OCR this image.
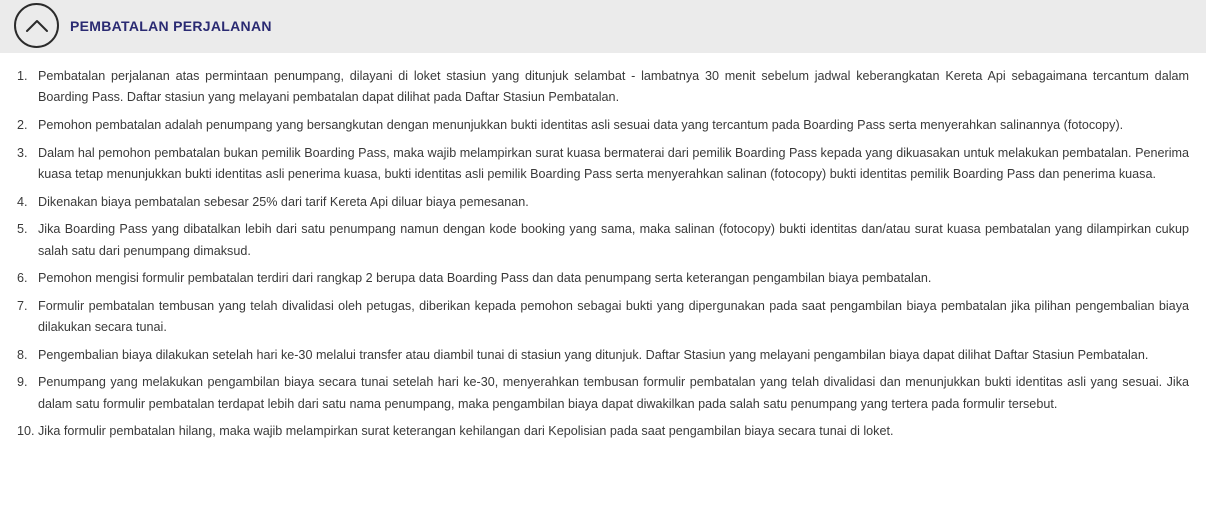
PEMBATALAN PERJALANAN
1. Pembatalan perjalanan atas permintaan penumpang, dilayani di loket stasiun yang ditunjuk selambat - lambatnya 30 menit sebelum jadwal keberangkatan Kereta Api sebagaimana tercantum dalam Boarding Pass. Daftar stasiun yang melayani pembatalan dapat dilihat pada Daftar Stasiun Pembatalan.
2. Pemohon pembatalan adalah penumpang yang bersangkutan dengan menunjukkan bukti identitas asli sesuai data yang tercantum pada Boarding Pass serta menyerahkan salinannya (fotocopy).
3. Dalam hal pemohon pembatalan bukan pemilik Boarding Pass, maka wajib melampirkan surat kuasa bermaterai dari pemilik Boarding Pass kepada yang dikuasakan untuk melakukan pembatalan. Penerima kuasa tetap menunjukkan bukti identitas asli penerima kuasa, bukti identitas asli pemilik Boarding Pass serta menyerahkan salinan (fotocopy) bukti identitas pemilik Boarding Pass dan penerima kuasa.
4. Dikenakan biaya pembatalan sebesar 25% dari tarif Kereta Api diluar biaya pemesanan.
5. Jika Boarding Pass yang dibatalkan lebih dari satu penumpang namun dengan kode booking yang sama, maka salinan (fotocopy) bukti identitas dan/atau surat kuasa pembatalan yang dilampirkan cukup salah satu dari penumpang dimaksud.
6. Pemohon mengisi formulir pembatalan terdiri dari rangkap 2 berupa data Boarding Pass dan data penumpang serta keterangan pengambilan biaya pembatalan.
7. Formulir pembatalan tembusan yang telah divalidasi oleh petugas, diberikan kepada pemohon sebagai bukti yang dipergunakan pada saat pengambilan biaya pembatalan jika pilihan pengembalian biaya dilakukan secara tunai.
8. Pengembalian biaya dilakukan setelah hari ke-30 melalui transfer atau diambil tunai di stasiun yang ditunjuk. Daftar Stasiun yang melayani pengambilan biaya dapat dilihat Daftar Stasiun Pembatalan.
9. Penumpang yang melakukan pengambilan biaya secara tunai setelah hari ke-30, menyerahkan tembusan formulir pembatalan yang telah divalidasi dan menunjukkan bukti identitas asli yang sesuai. Jika dalam satu formulir pembatalan terdapat lebih dari satu nama penumpang, maka pengambilan biaya dapat diwakilkan pada salah satu penumpang yang tertera pada formulir tersebut.
10. Jika formulir pembatalan hilang, maka wajib melampirkan surat keterangan kehilangan dari Kepolisian pada saat pengambilan biaya secara tunai di loket.
